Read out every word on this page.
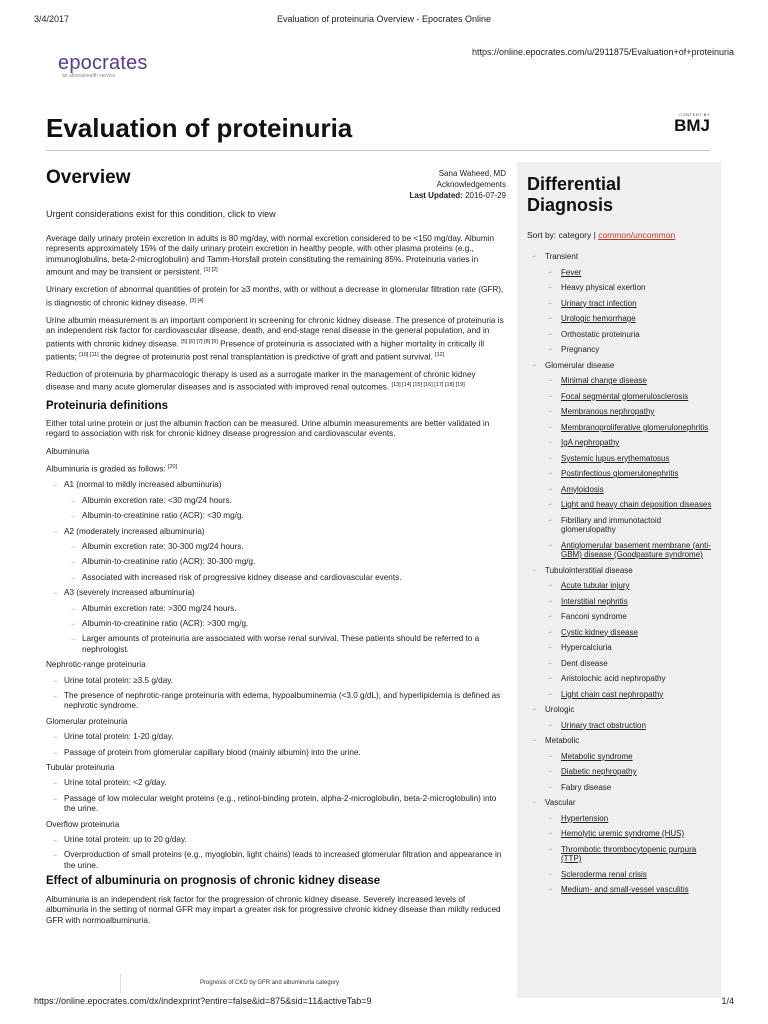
3/4/2017	Evaluation of proteinuria Overview - Epocrates Online
https://online.epocrates.com/u/2911875/Evaluation+of+proteinuria
epocrates
an athenahealth service
CONTENT BY
BMJ
Evaluation of proteinuria
Overview	Sana Waheed, MD
Acknowledgements
Last Updated: 2016-07-29
Urgent considerations exist for this condition, click to view

Average daily urinary protein excretion in adults is 80 mg/day, with normal excretion considered to be <150 mg/day. Albumin represents approximately 15% of the daily urinary protein excretion in healthy people, with other plasma proteins (e.g., immunoglobulins, beta-2-microglobulin) and Tamm-Horsfall protein constituting the remaining 85%. Proteinuria varies in amount and may be transient or persistent. [1] [2]

Urinary excretion of abnormal quantities of protein for ≥3 months, with or without a decrease in glomerular filtration rate (GFR), is diagnostic of chronic kidney disease. [3] [4]

Urine albumin measurement is an important component in screening for chronic kidney disease. The presence of proteinuria is an independent risk factor for cardiovascular disease, death, and end-stage renal disease in the general population, and in patients with chronic kidney disease. [5] [6] [7] [8] [9] Presence of proteinuria is associated with a higher mortality in critically ill patients; [10] [11] the degree of proteinuria post renal transplantation is predictive of graft and patient survival. [12]

Reduction of proteinuria by pharmacologic therapy is used as a surrogate marker in the management of chronic kidney disease and many acute glomerular diseases and is associated with improved renal outcomes. [13] [14] [15] [16] [17] [18] [19]

Proteinuria definitions

Either total urine protein or just the albumin fraction can be measured. Urine albumin measurements are better validated in regard to association with risk for chronic kidney disease progression and cardiovascular events.

Albuminuria
Albuminuria is graded as follows: [20]
→ A1 (normal to mildly increased albuminuria)
→ Albumin excretion rate: <30 mg/24 hours.
→ Albumin-to-creatinine ratio (ACR): <30 mg/g.
→ A2 (moderately increased albuminuria)
→ Albumin excretion rate: 30-300 mg/24 hours.
→ Albumin-to-creatinine ratio (ACR): 30-300 mg/g.
→ Associated with increased risk of progressive kidney disease and cardiovascular events.
→ A3 (severely increased albuminuria)
→ Albumin excretion rate: >300 mg/24 hours.
→ Albumin-to-creatinine ratio (ACR): >300 mg/g.
→ Larger amounts of proteinuria are associated with worse renal survival. These patients should be referred to a nephrologist.
Nephrotic-range proteinuria
→ Urine total protein: ≥3.5 g/day.
→ The presence of nephrotic-range proteinuria with edema, hypoalbuminemia (<3.0 g/dL), and hyperlipidemia is defined as nephrotic syndrome.
Glomerular proteinuria
→ Urine total protein: 1-20 g/day.
→ Passage of protein from glomerular capillary blood (mainly albumin) into the urine.
Tubular proteinuria
→ Urine total protein: <2 g/day.
→ Passage of low molecular weight proteins (e.g., retinol-binding protein, alpha-2-microglobulin, beta-2-microglobulin) into the urine.
Overflow proteinuria
→ Urine total protein: up to 20 g/day.
→ Overproduction of small proteins (e.g., myoglobin, light chains) leads to increased glomerular filtration and appearance in the urine.
Effect of albuminuria on prognosis of chronic kidney disease

Albuminuria is an independent risk factor for the progression of chronic kidney disease. Severely increased levels of albuminuria in the setting of normal GFR may impart a greater risk for progressive chronic kidney disease than mildly reduced GFR with normoalbuminuria.

Prognosis of CKD by GFR and albuminuria category
Differential
Diagnosis
Sort by: category | common/uncommon
→ Transient
→ Fever
→ Heavy physical exertion
→ Urinary tract infection
→ Urologic hemorrhage
→ Orthostatic proteinuria
→ Pregnancy
→ Glomerular disease
→ Minimal change disease
→ Focal segmental glomerulosclerosis
→ Membranous nephropathy
→ Membranoproliferative glomerulonephritis
→ IgA nephropathy
→ Systemic lupus erythematosus
→ Postinfectious glomerulonephritis
→ Amyloidosis
→ Light and heavy chain deposition diseases
→ Fibrillary and immunotactoid glomerulopathy
→ Antiglomerular basement membrane (anti-GBM) disease (Goodpasture syndrome)
→ Tubulointerstitial disease
→ Acute tubular injury
→ Interstitial nephritis
→ Fanconi syndrome
→ Cystic kidney disease
→ Hypercalciuria
→ Dent disease
→ Aristolochic acid nephropathy
→ Light chain cast nephropathy
→ Urologic
→ Urinary tract obstruction
→ Metabolic
→ Metabolic syndrome
→ Diabetic nephropathy
→ Fabry disease
→ Vascular
→ Hypertension
→ Hemolytic uremic syndrome (HUS)
→ Thrombotic thrombocytopenic purpura (TTP)
→ Scleroderma renal crisis
→ Medium- and small-vessel vasculitis
https://online.epocrates.com/dx/indexprint?entire=false&id=875&sid=11&activeTab=9	1/4
